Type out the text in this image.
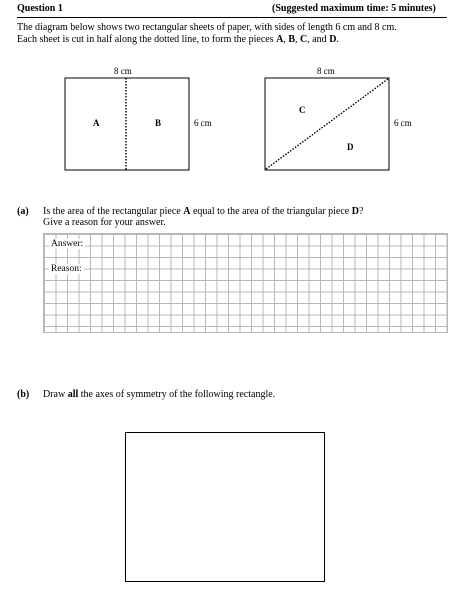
Question 1	(Suggested maximum time: 5 minutes)
The diagram below shows two rectangular sheets of paper, with sides of length 6 cm and 8 cm.
Each sheet is cut in half along the dotted line, to form the pieces A, B, C, and D.
8 cm
A	B	6 cm
8 cm
C
D
6 cm
(a) Is the area of the rectangular piece A equal to the area of the triangular piece D?
Give a reason for your answer.
Answer:
Reason:
(b) Draw all the axes of symmetry of the following rectangle.
